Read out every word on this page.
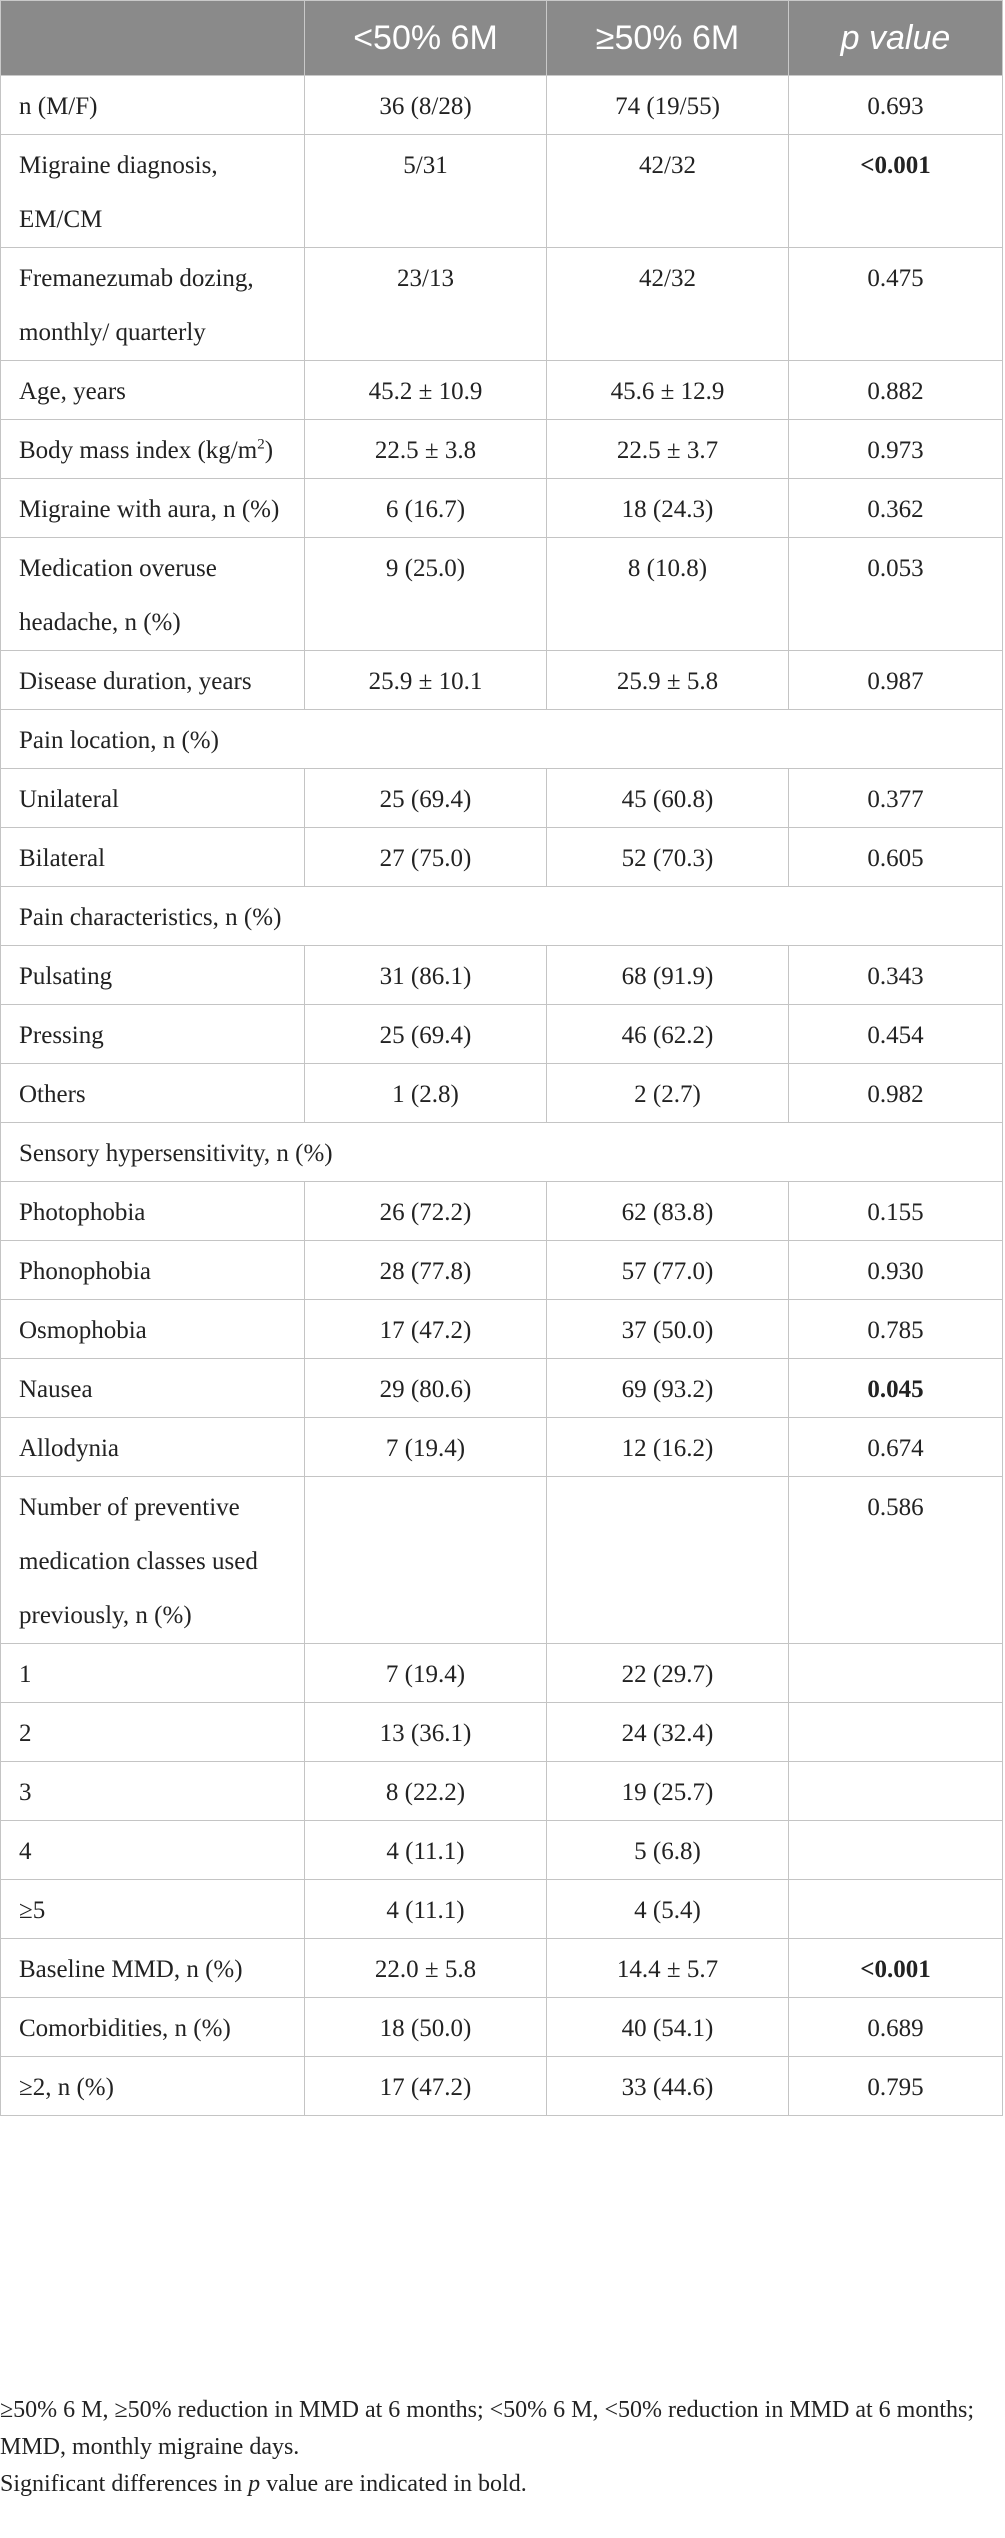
	<50% 6M	≥50% 6M	p value
n (M/F)	36 (8/28)	74 (19/55)	0.693
Migraine diagnosis, EM/CM	5/31	42/32	<0.001
Fremanezumab dozing, monthly/ quarterly	23/13	42/32	0.475
Age, years	45.2 ± 10.9	45.6 ± 12.9	0.882
Body mass index $(kg/m^2)$	22.5 ± 3.8	22.5 ± 3.7	0.973
Migraine with aura, n (%)	6 (16.7)	18 (24.3)	0.362
Medication overuse headache, n (%)	9 (25.0)	8 (10.8)	0.053
Disease duration, years	25.9 ± 10.1	25.9 ± 5.8	0.987
Pain location, n (%)			
Unilateral	25 (69.4)	45 (60.8)	0.377
Bilateral	27 (75.0)	52 (70.3)	0.605
Pain characteristics, n (%)			
Pulsating	31 (86.1)	68 (91.9)	0.343
Pressing	25 (69.4)	46 (62.2)	0.454
Others	1 (2.8)	2 (2.7)	0.982
Sensory hypersensitivity, n (%)			
Photophobia	26 (72.2)	62 (83.8)	0.155
Phonophobia	28 (77.8)	57 (77.0)	0.930
Osmophobia	17 (47.2)	37 (50.0)	0.785
Nausea	29 (80.6)	69 (93.2)	0.045
Allodynia	7 (19.4)	12 (16.2)	0.674
Number of preventive medication classes used previously, n (%)			0.586
1	7 (19.4)	22 (29.7)	
2	13 (36.1)	24 (32.4)	
3	8 (22.2)	19 (25.7)	
4	4 (11.1)	5 (6.8)	
≥5	4 (11.1)	4 (5.4)	
Baseline MMD, n (%)	22.0 ± 5.8	14.4 ± 5.7	<0.001
Comorbidities, n (%)	18 (50.0)	40 (54.1)	0.689
≥2, n (%)	17 (47.2)	33 (44.6)	0.795

≥50% 6 M, ≥50% reduction in MMD at 6 months; <50% 6 M, <50% reduction in MMD at 6 months; MMD, monthly migraine days.

Significant differences in p value are indicated in bold.
